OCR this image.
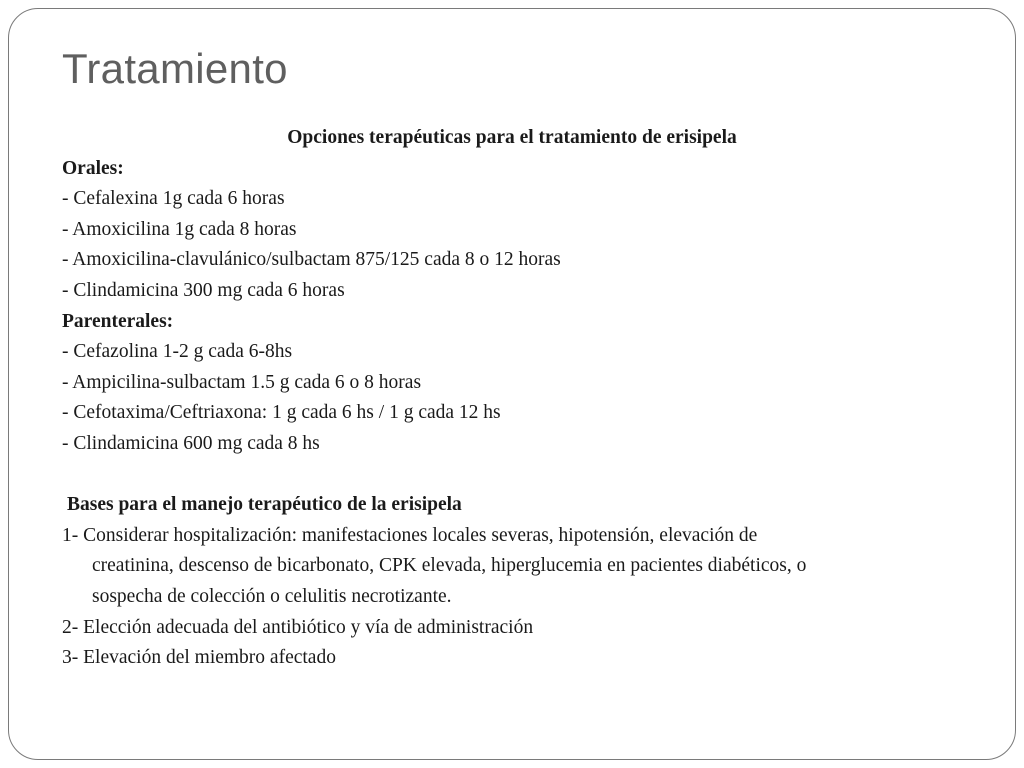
Tratamiento
Opciones terapéuticas para el tratamiento de erisipela
Orales:
- Cefalexina 1g cada 6 horas
- Amoxicilina 1g cada 8 horas
- Amoxicilina-clavulánico/sulbactam 875/125 cada 8 o 12 horas
- Clindamicina 300 mg cada 6 horas
Parenterales:
- Cefazolina 1-2 g cada 6-8hs
- Ampicilina-sulbactam 1.5 g cada 6 o 8 horas
- Cefotaxima/Ceftriaxona: 1 g cada 6 hs / 1 g cada 12 hs
- Clindamicina 600 mg cada 8 hs
Bases para el manejo terapéutico de la erisipela
1- Considerar hospitalización: manifestaciones locales severas, hipotensión, elevación de
creatinina, descenso de bicarbonato, CPK elevada, hiperglucemia en pacientes diabéticos, o
sospecha de colección o celulitis necrotizante.
2- Elección adecuada del antibiótico y vía de administración
3- Elevación del miembro afectado
